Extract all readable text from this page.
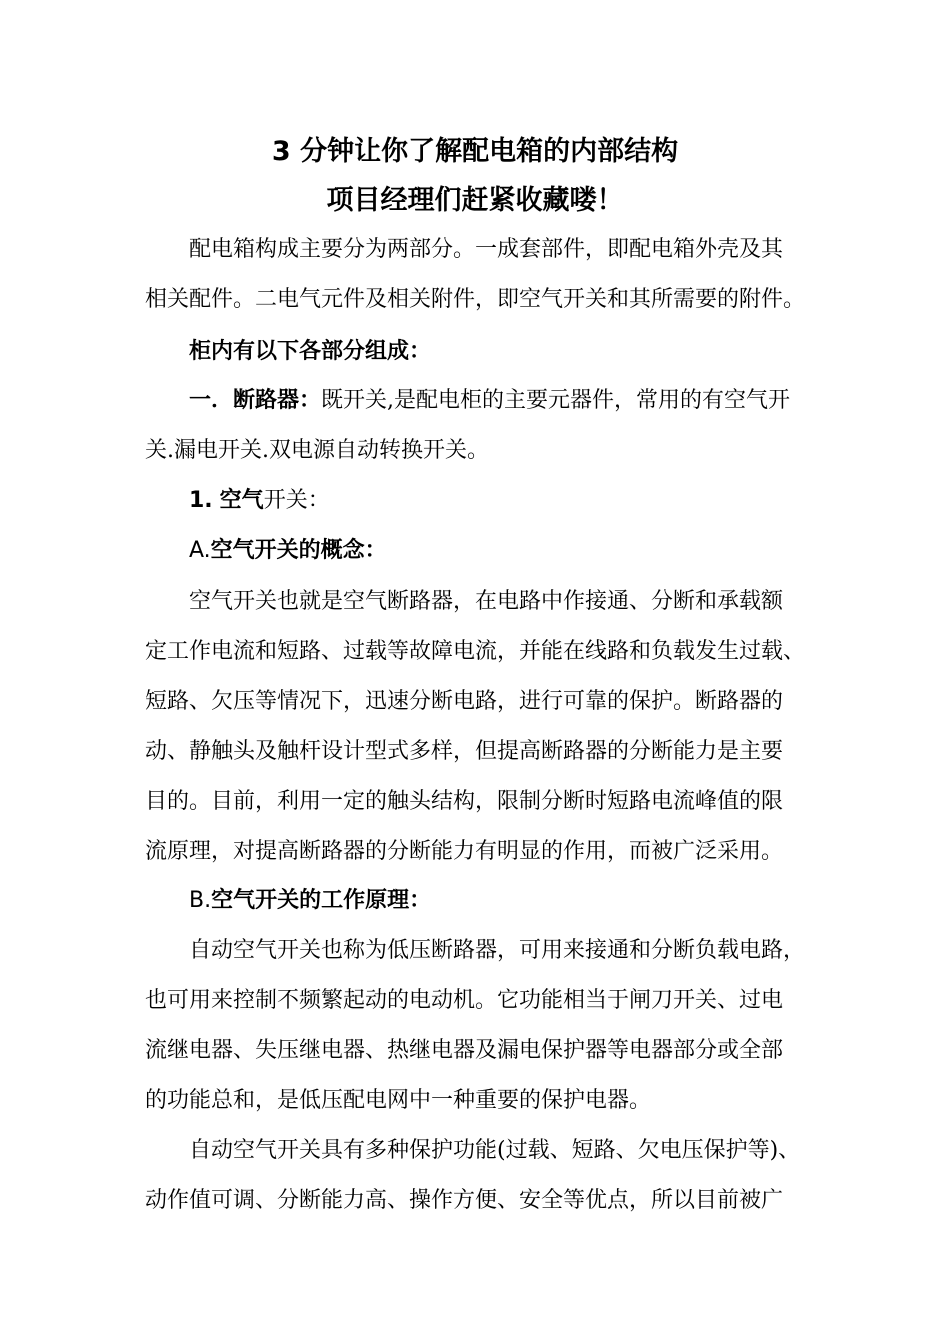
3 分钟让你了解配电箱的内部结构
项目经理们赶紧收藏喽！

配电箱构成主要分为两部分。一成套部件，即配电箱外壳及其

相关配件。二电气元件及相关附件，即空气开关和其所需要的附件。

柜内有以下各部分组成：

一．断路器：既开关,是配电柜的主要元器件，常用的有空气开

关.漏电开关.双电源自动转换开关。

1. 空气开关：

A.空气开关的概念：

空气开关也就是空气断路器，在电路中作接通、分断和承载额

定工作电流和短路、过载等故障电流，并能在线路和负载发生过载、

短路、欠压等情况下，迅速分断电路，进行可靠的保护。断路器的

动、静触头及触杆设计型式多样，但提高断路器的分断能力是主要

目的。目前，利用一定的触头结构，限制分断时短路电流峰值的限

流原理，对提高断路器的分断能力有明显的作用，而被广泛采用。

B.空气开关的工作原理：

自动空气开关也称为低压断路器，可用来接通和分断负载电路，

也可用来控制不频繁起动的电动机。它功能相当于闸刀开关、过电

流继电器、失压继电器、热继电器及漏电保护器等电器部分或全部

的功能总和，是低压配电网中一种重要的保护电器。

自动空气开关具有多种保护功能(过载、短路、欠电压保护等)、

动作值可调、分断能力高、操作方便、安全等优点，所以目前被广
